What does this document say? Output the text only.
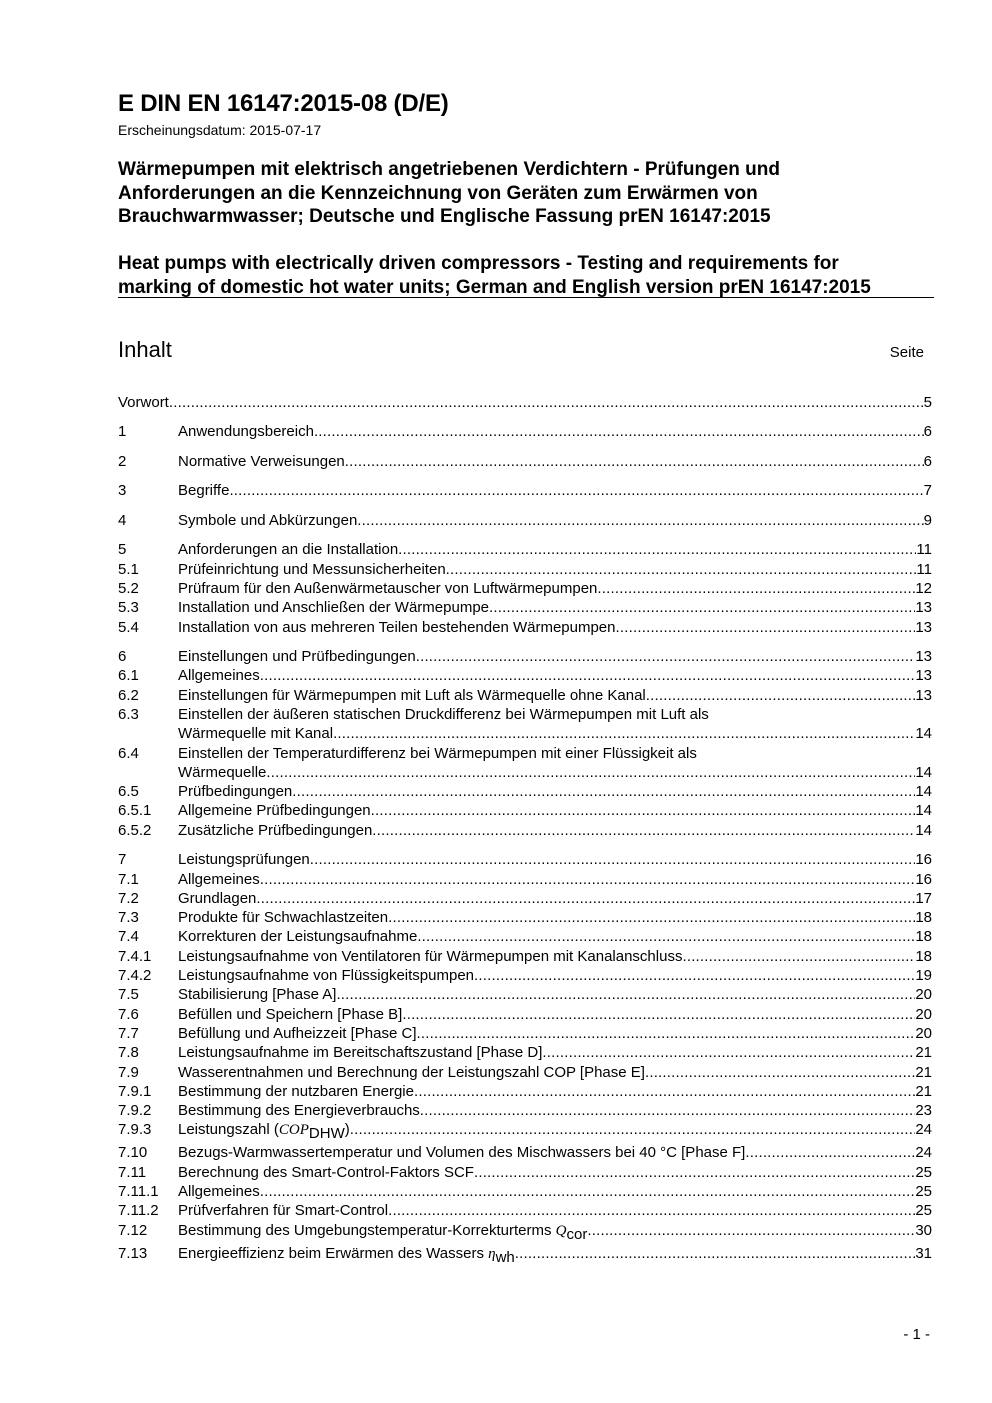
E DIN EN 16147:2015-08 (D/E)
Erscheinungsdatum: 2015-07-17
Wärmepumpen mit elektrisch angetriebenen Verdichtern - Prüfungen und
Anforderungen an die Kennzeichnung von Geräten zum Erwärmen von
Brauchwarmwasser; Deutsche und Englische Fassung prEN 16147:2015
Heat pumps with electrically driven compressors - Testing and requirements for
marking of domestic hot water units; German and English version prEN 16147:2015
Inhalt	Seite
Vorwort .....	5
1	Anwendungsbereich .....	6
2	Normative Verweisungen .....	6
3	Begriffe .....	7
4	Symbole und Abkürzungen .....	9
5	Anforderungen an die Installation .....	11
5.1	Prüfeinrichtung und Messunsicherheiten .....	11
5.2	Prüfraum für den Außenwärmetauscher von Luftwärmepumpen .....	12
5.3	Installation und Anschließen der Wärmepumpe .....	13
5.4	Installation von aus mehreren Teilen bestehenden Wärmepumpen .....	13
6	Einstellungen und Prüfbedingungen .....	13
6.1	Allgemeines .....	13
6.2	Einstellungen für Wärmepumpen mit Luft als Wärmequelle ohne Kanal .....	13
6.3	Einstellen der äußeren statischen Druckdifferenz bei Wärmepumpen mit Luft als
Wärmequelle mit Kanal .....	14
6.4	Einstellen der Temperaturdifferenz bei Wärmepumpen mit einer Flüssigkeit als
Wärmequelle .....	14
6.5	Prüfbedingungen .....	14
6.5.1 Allgemeine Prüfbedingungen .....	14
6.5.2 Zusätzliche Prüfbedingungen .....	14
7	Leistungsprüfungen .....	16
7.1	Allgemeines .....	16
7.2	Grundlagen .....	17
7.3	Produkte für Schwachlastzeiten .....	18
7.4	Korrekturen der Leistungsaufnahme .....	18
7.4.1 Leistungsaufnahme von Ventilatoren für Wärmepumpen mit Kanalanschluss .....	18
7.4.2 Leistungsaufnahme von Flüssigkeitspumpen .....	19
7.5	Stabilisierung [Phase A] .....	20
7.6	Befüllen und Speichern [Phase B] .....	20
7.7	Befüllung und Aufheizzeit [Phase C] .....	20
7.8	Leistungsaufnahme im Bereitschaftszustand [Phase D] .....	21
7.9	Wasserentnahmen und Berechnung der Leistungszahl COP [Phase E] .....	21
7.9.1 Bestimmung der nutzbaren Energie .....	21
7.9.2 Bestimmung des Energieverbrauchs .....	23
7.9.3 Leistungszahl (COPDHW) .....	24
7.10 Bezugs-Warmwassertemperatur und Volumen des Mischwassers bei 40 °C [Phase F] .....	24
7.11 Berechnung des Smart-Control-Faktors SCF .....	25
7.11.1 Allgemeines .....	25
7.11.2 Prüfverfahren für Smart-Control .....	25
7.12 Bestimmung des Umgebungstemperatur-Korrekturterms Qcor .....	30
7.13 Energieeffizienz beim Erwärmen des Wassers ηwh .....	31
- 1 -
